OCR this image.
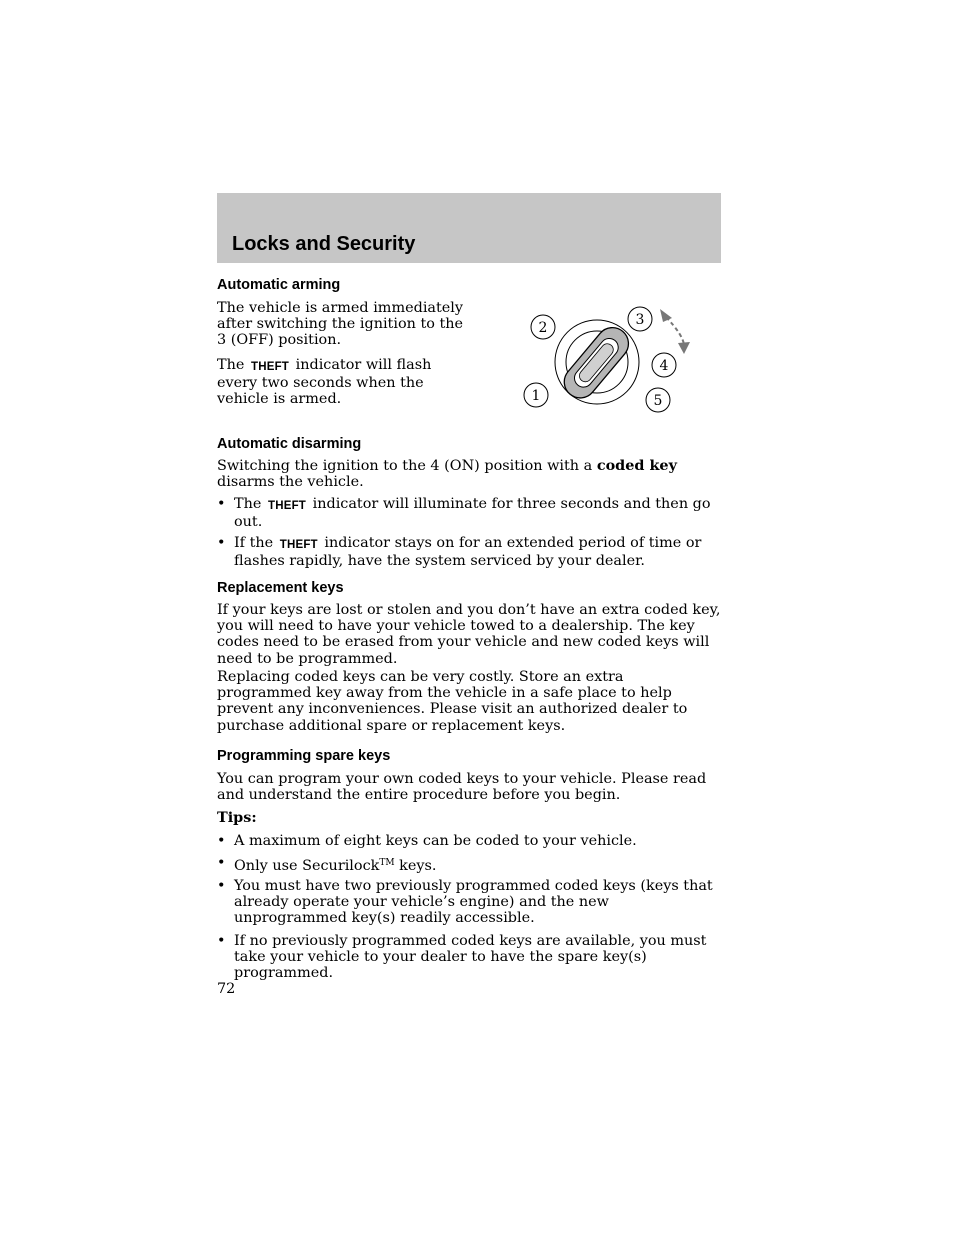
Locks and Security
Automatic arming
The vehicle is armed immediately after switching the ignition to the 3 (OFF) position.
The THEFT indicator will flash every two seconds when the vehicle is armed.
2	3
4
1	5
Automatic disarming
Switching the ignition to the 4 (ON) position with a coded key disarms the vehicle.
• The THEFT indicator will illuminate for three seconds and then go out.
• If the THEFT indicator stays on for an extended period of time or flashes rapidly, have the system serviced by your dealer.
Replacement keys
If your keys are lost or stolen and you don’t have an extra coded key, you will need to have your vehicle towed to a dealership. The key codes need to be erased from your vehicle and new coded keys will need to be programmed.
Replacing coded keys can be very costly. Store an extra programmed key away from the vehicle in a safe place to help prevent any inconveniences. Please visit an authorized dealer to purchase additional spare or replacement keys.
Programming spare keys
You can program your own coded keys to your vehicle. Please read and understand the entire procedure before you begin.
Tips:
• A maximum of eight keys can be coded to your vehicle.
• Only use Securilock™ keys.
• You must have two previously programmed coded keys (keys that already operate your vehicle’s engine) and the new unprogrammed key(s) readily accessible.
• If no previously programmed coded keys are available, you must take your vehicle to your dealer to have the spare key(s) programmed.
72
